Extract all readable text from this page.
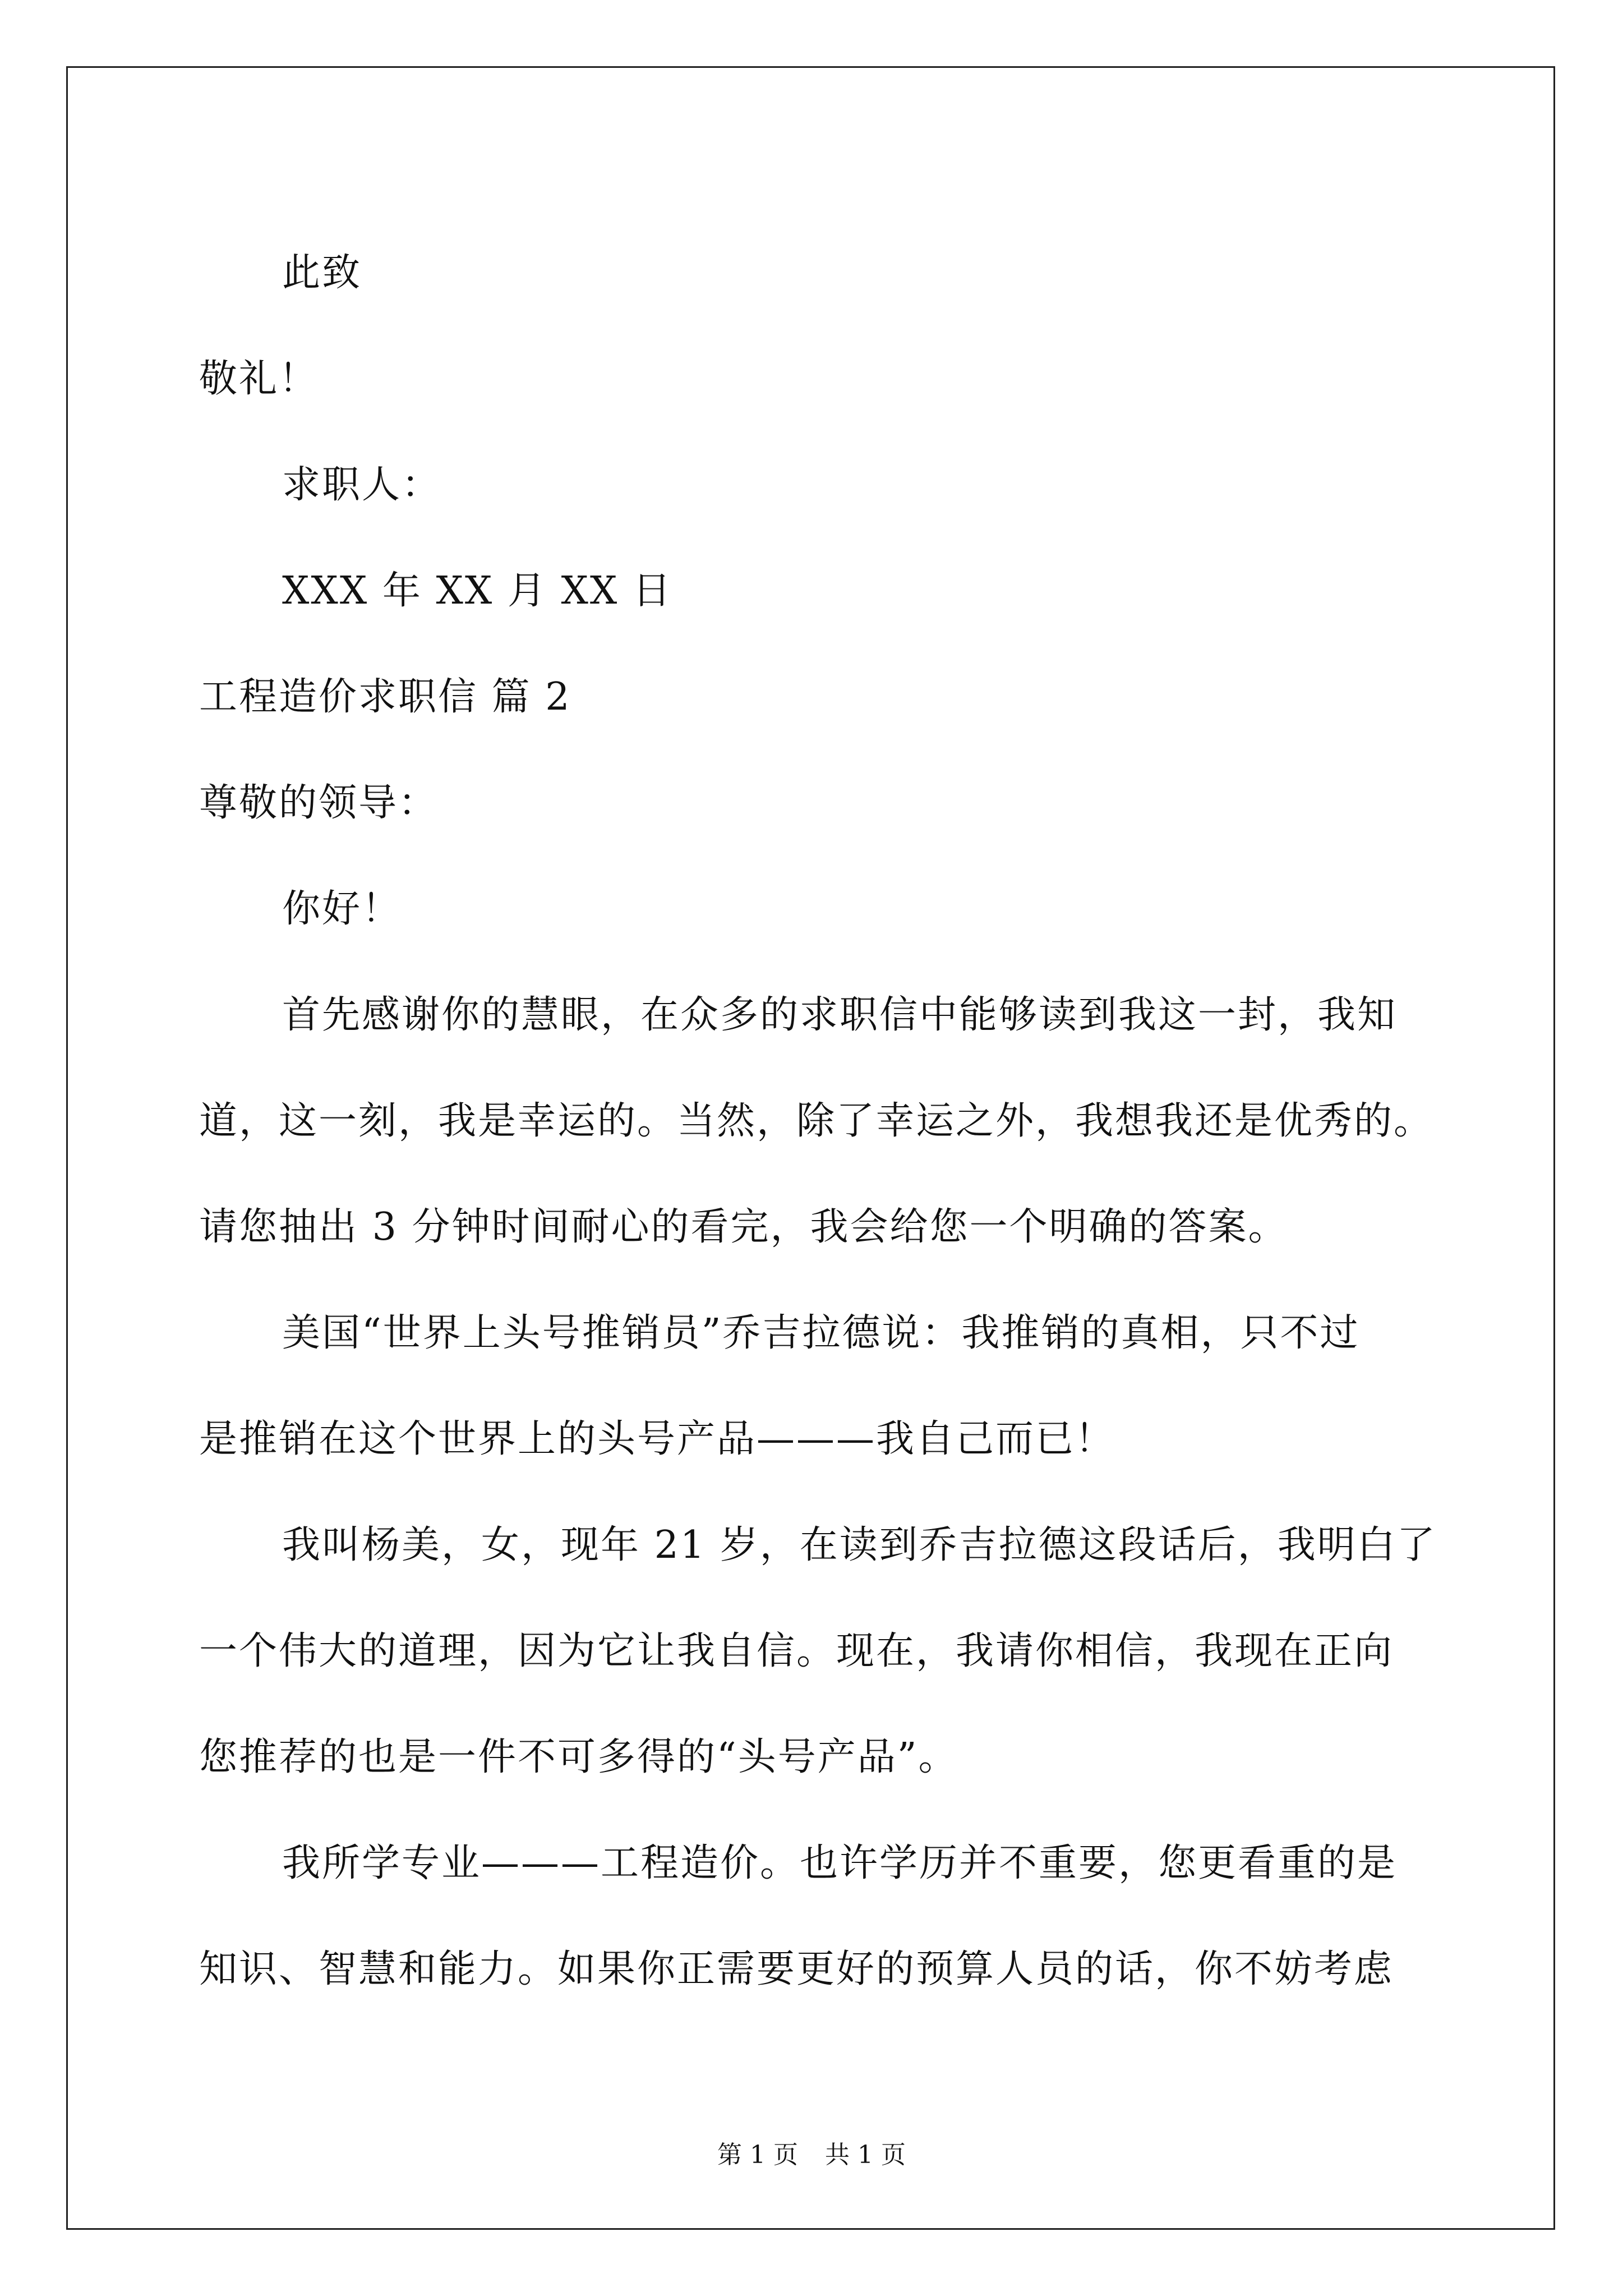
此致
敬礼！
求职人：
XXX 年 XX 月 XX 日
工程造价求职信 篇 2
尊敬的领导：
你好！
首先感谢你的慧眼，在众多的求职信中能够读到我这一封，我知
道，这一刻，我是幸运的。当然，除了幸运之外，我想我还是优秀的。
请您抽出 3 分钟时间耐心的看完，我会给您一个明确的答案。
美国“世界上头号推销员”乔吉拉德说：我推销的真相，只不过
是推销在这个世界上的头号产品———我自己而已！
我叫杨美，女，现年 21 岁，在读到乔吉拉德这段话后，我明白了
一个伟大的道理，因为它让我自信。现在，我请你相信，我现在正向
您推荐的也是一件不可多得的“头号产品”。
我所学专业———工程造价。也许学历并不重要，您更看重的是
知识、智慧和能力。如果你正需要更好的预算人员的话，你不妨考虑
第 1 页 共 1 页
